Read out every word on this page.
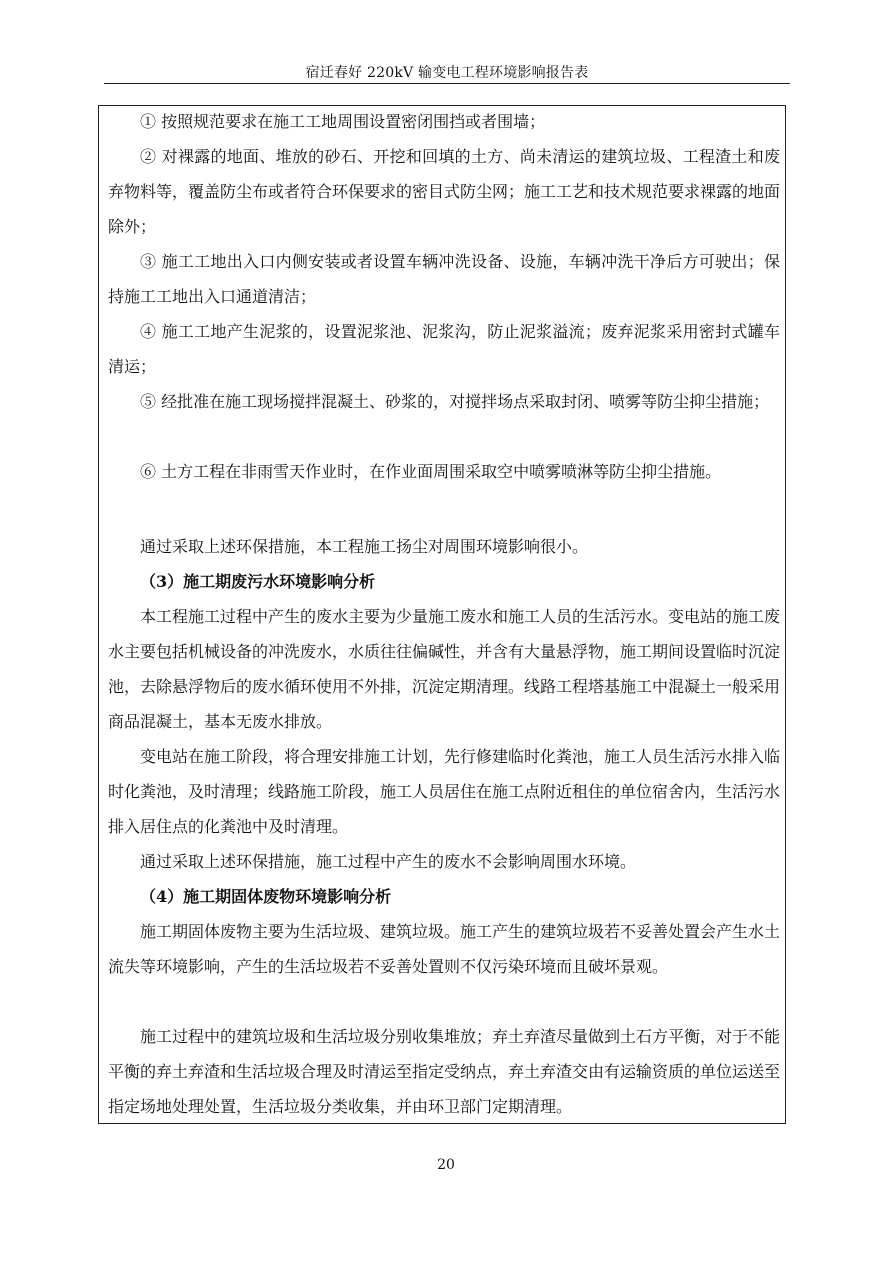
宿迁春好 220kV 输变电工程环境影响报告表

① 按照规范要求在施工工地周围设置密闭围挡或者围墙；

② 对裸露的地面、堆放的砂石、开挖和回填的土方、尚未清运的建筑垃圾、工程渣土和废弃物料等，覆盖防尘布或者符合环保要求的密目式防尘网；施工工艺和技术规范要求裸露的地面除外；

③ 施工工地出入口内侧安装或者设置车辆冲洗设备、设施，车辆冲洗干净后方可驶出；保持施工工地出入口通道清洁；

④ 施工工地产生泥浆的，设置泥浆池、泥浆沟，防止泥浆溢流；废弃泥浆采用密封式罐车清运；

⑤ 经批准在施工现场搅拌混凝土、砂浆的，对搅拌场点采取封闭、喷雾等防尘抑尘措施；

⑥ 土方工程在非雨雪天作业时，在作业面周围采取空中喷雾喷淋等防尘抑尘措施。

通过采取上述环保措施，本工程施工扬尘对周围环境影响很小。

（3）施工期废污水环境影响分析

本工程施工过程中产生的废水主要为少量施工废水和施工人员的生活污水。变电站的施工废水主要包括机械设备的冲洗废水，水质往往偏碱性，并含有大量悬浮物，施工期间设置临时沉淀池，去除悬浮物后的废水循环使用不外排，沉淀定期清理。线路工程塔基施工中混凝土一般采用商品混凝土，基本无废水排放。

变电站在施工阶段，将合理安排施工计划，先行修建临时化粪池，施工人员生活污水排入临时化粪池，及时清理；线路施工阶段，施工人员居住在施工点附近租住的单位宿舍内，生活污水排入居住点的化粪池中及时清理。

通过采取上述环保措施，施工过程中产生的废水不会影响周围水环境。

（4）施工期固体废物环境影响分析

施工期固体废物主要为生活垃圾、建筑垃圾。施工产生的建筑垃圾若不妥善处置会产生水土流失等环境影响，产生的生活垃圾若不妥善处置则不仅污染环境而且破坏景观。

施工过程中的建筑垃圾和生活垃圾分别收集堆放；弃土弃渣尽量做到土石方平衡，对于不能平衡的弃土弃渣和生活垃圾合理及时清运至指定受纳点，弃土弃渣交由有运输资质的单位运送至指定场地处理处置，生活垃圾分类收集，并由环卫部门定期清理。

20
